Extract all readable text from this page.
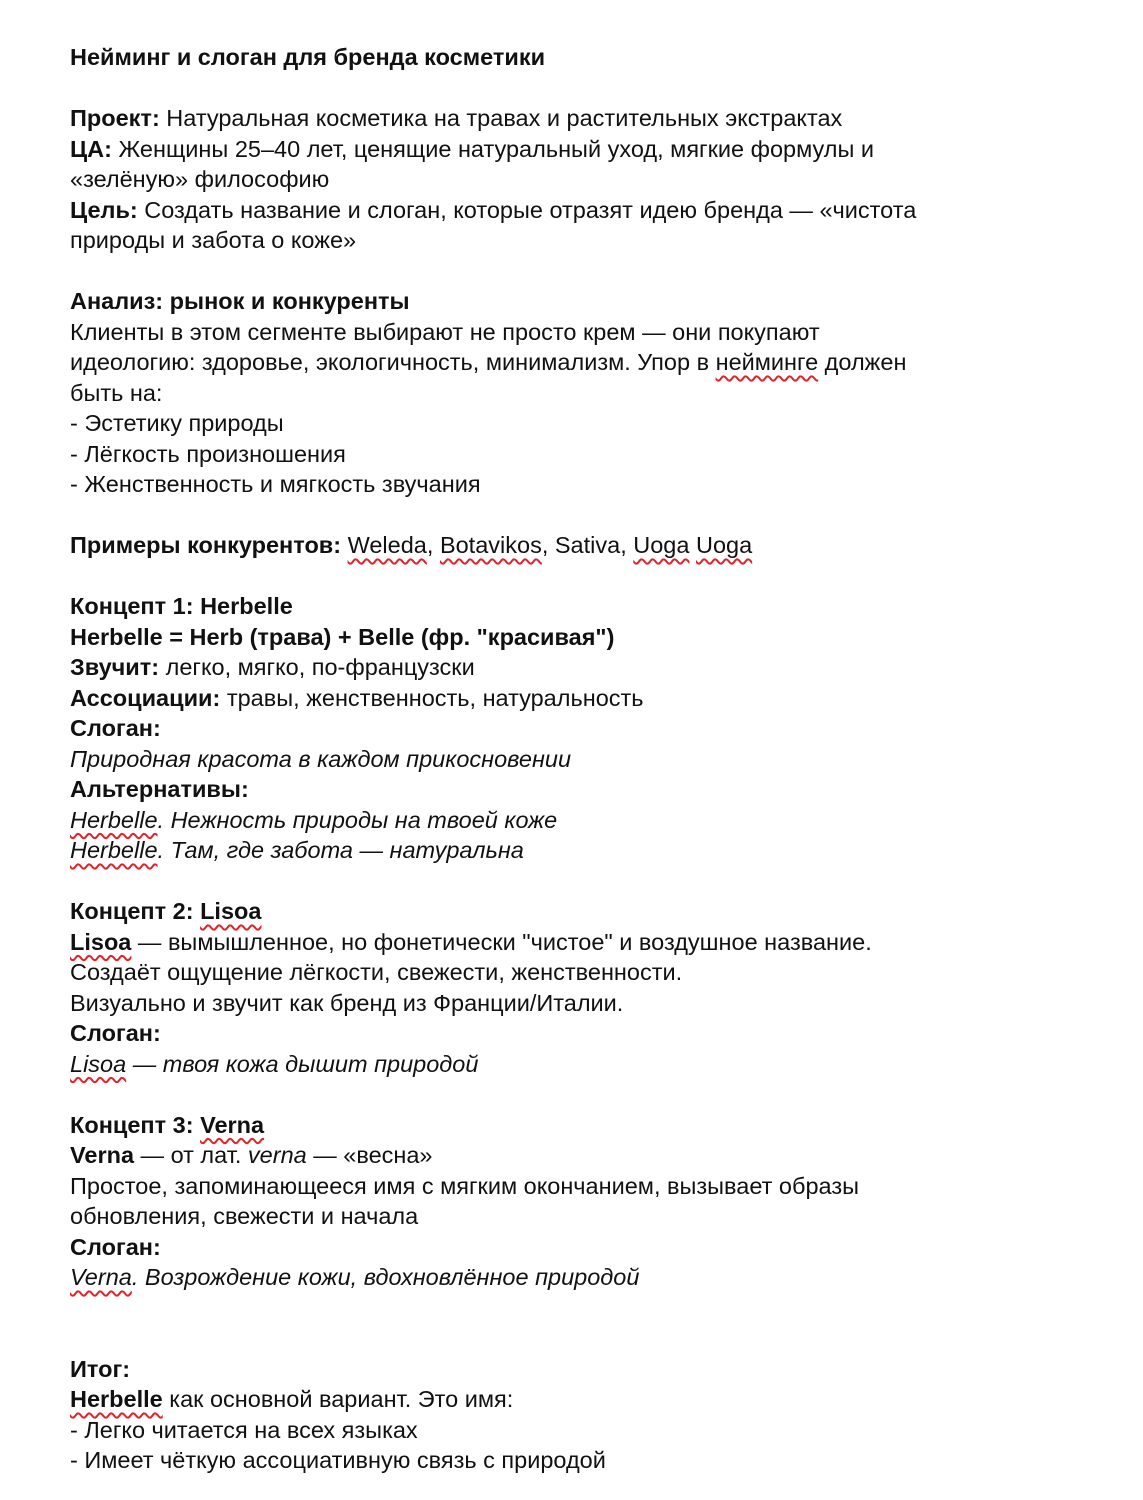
Нейминг и слоган для бренда косметики

Проект: Натуральная косметика на травах и растительных экстрактах

ЦА: Женщины 25–40 лет, ценящие натуральный уход, мягкие формулы и

«зелёную» философию

Цель: Создать название и слоган, которые отразят идею бренда — «чистота

природы и забота о коже»

Анализ: рынок и конкуренты

Клиенты в этом сегменте выбирают не просто крем — они покупают

идеологию: здоровье, экологичность, минимализм. Упор в нейминге должен

быть на:

- Эстетику природы

- Лёгкость произношения

- Женственность и мягкость звучания

Примеры конкурентов: Weleda, Botavikos, Sativa, Uoga Uoga

Концепт 1: Herbelle

Herbelle = Herb (трава) + Belle (фр. "красивая")

Звучит: легко, мягко, по-французски

Ассоциации: травы, женственность, натуральность

Слоган:

Природная красота в каждом прикосновении

Альтернативы:

Herbelle. Нежность природы на твоей коже

Herbelle. Там, где забота — натуральна

Концепт 2: Lisoa

Lisoa — вымышленное, но фонетически "чистое" и воздушное название.

Создаёт ощущение лёгкости, свежести, женственности.

Визуально и звучит как бренд из Франции/Италии.

Слоган:

Lisoa — твоя кожа дышит природой

Концепт 3: Verna

Verna — от лат. verna — «весна»

Простое, запоминающееся имя с мягким окончанием, вызывает образы

обновления, свежести и начала

Слоган:

Verna. Возрождение кожи, вдохновлённое природой

Итог:

Herbelle как основной вариант. Это имя:

- Легко читается на всех языках

- Имеет чёткую ассоциативную связь с природой
